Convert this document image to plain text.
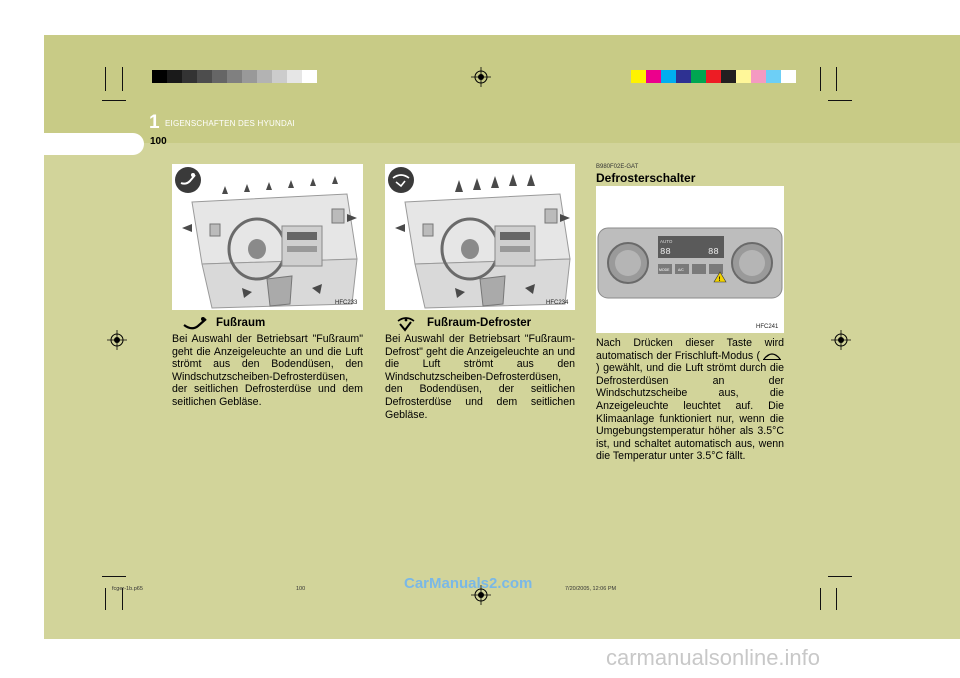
1 EIGENSCHAFTEN DES HYUNDAI
100
HFC233
Fußraum

Bei Auswahl der Betriebsart "Fußraum" geht die Anzeigeleuchte an und die Luft strömt aus den Bodendüsen, den Windschutzscheiben-Defrosterdüsen, der seitlichen Defrosterdüse und dem seitlichen Gebläse.

HFC234
Fußraum-Defroster

Bei Auswahl der Betriebsart "Fußraum-Defrost" geht die Anzeigeleuchte an und die Luft strömt aus den Windschutzscheiben-Defrosterdüsen, den Bodendüsen, der seitlichen Defrosterdüse und dem seitlichen Gebläse.

B980F02E-GAT
Defrosterschalter
AUTO
88	88
MODE A/C
!
HFC241

Nach Drücken dieser Taste wird automatisch der Frischluft-Modus () gewählt, und die Luft strömt durch die Defrosterdüsen an der Windschutzscheibe aus, die Anzeigeleuchte leuchtet auf. Die Klimaanlage funktioniert nur, wenn die Umgebungstemperatur höher als 3.5°C ist, und schaltet automatisch aus, wenn die Temperatur unter 3.5°C fällt.

fcger-1b.p65	100	7/20/2005, 12:06 PM
CarManuals2.com
carmanualsonline.info
